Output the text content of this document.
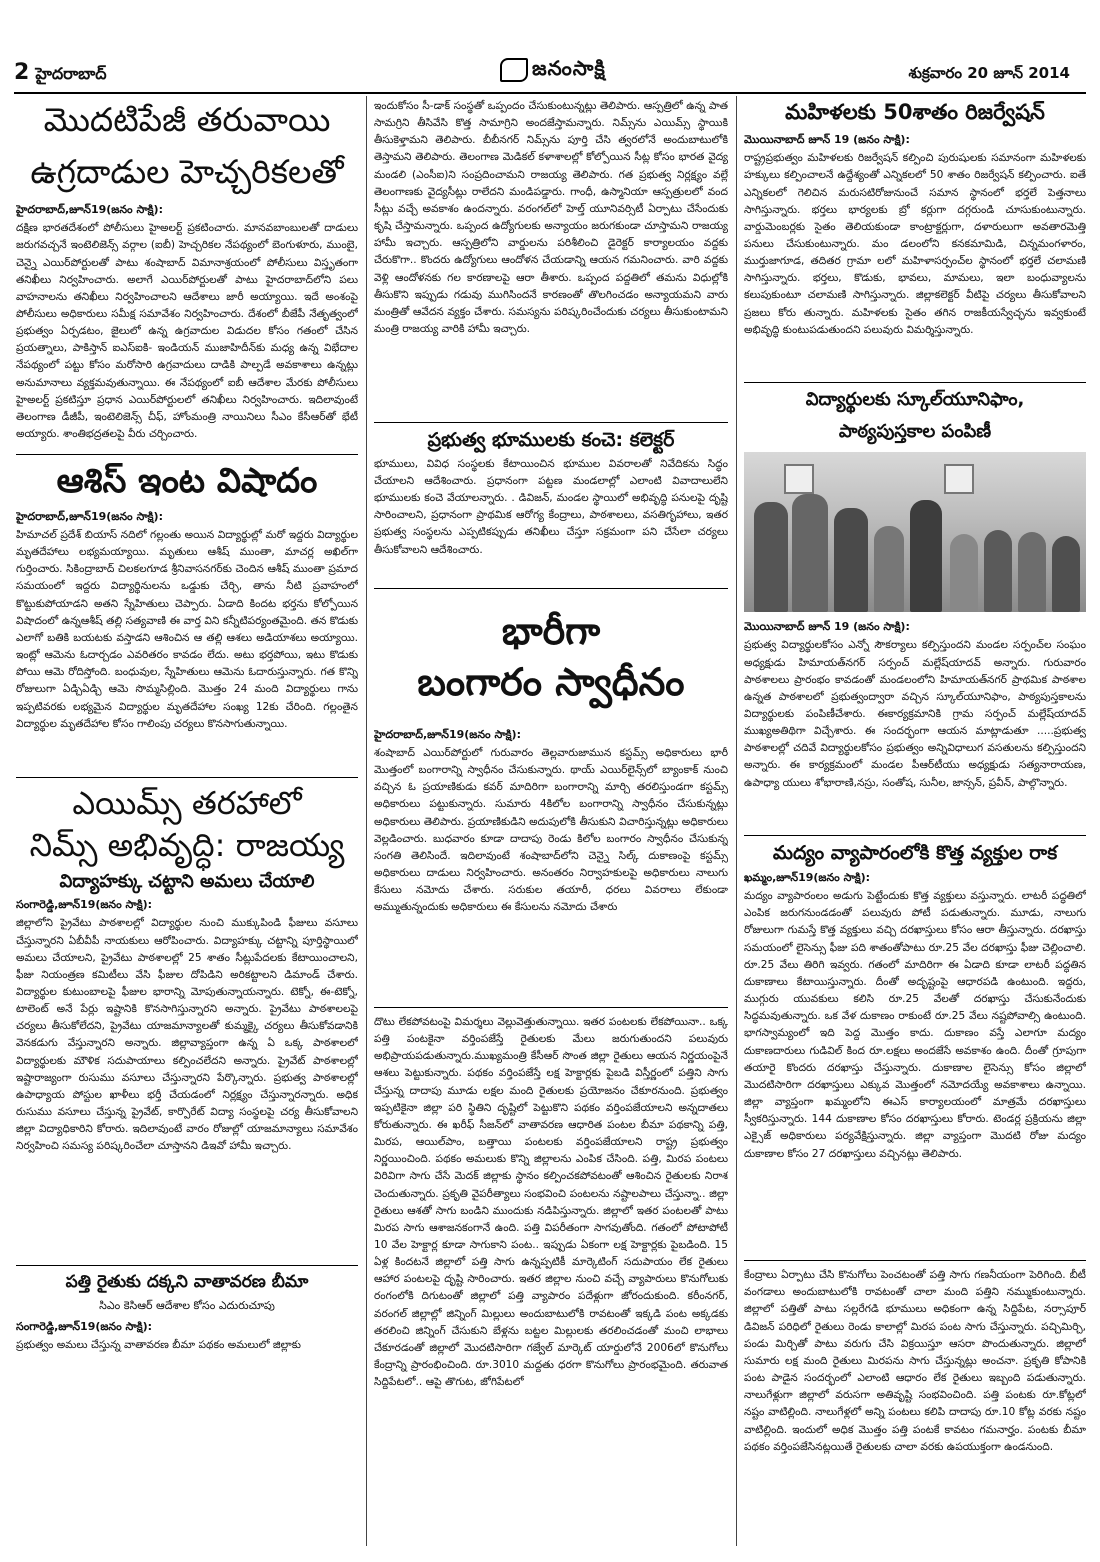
2 హైదరాబాద్	జనంసాక్షి	శుక్రవారం 20 జూన్ 2014
మొదటిపేజీ తరువాయి
ఉగ్రదాడుల హెచ్చరికలతో
హైదరాబాద్,జూన్19(జనం సాక్షి):

దక్షిణ భారతదేశంలో పోలీసులు హైఅలర్ట్ ప్రకటించారు. మానవబాంబులతో దాడులు జరుగవచ్చనే ఇంటెలిజెన్స్ వర్గాల (ఐబీ) హెచ్చరికల నేపథ్యంలో బెంగుళూరు, ముంబై, చెన్నై ఎయిర్‌పోర్టులతో పాటు శంషాబాద్ విమానాశ్రయంలో పోలీసులు విస్తృతంగా తనిఖీలు నిర్వహించారు. అలాగే ఎయిర్‌పోర్టులతో పాటు హైదరాబాద్‌లోని పలు వాహనాలను తనిఖీలు నిర్వహించాలని ఆదేశాలు జారీ అయ్యాయి. ఇదే అంశంపై పోలీసులు అధికారులు సమీక్ష సమావేశం నిర్వహించారు. దేశంలో బీజేపీ నేతృత్వంలో ప్రభుత్వం ఏర్పడటం, జైలులో ఉన్న ఉగ్రవాదుల విడుదల కోసం గతంలో చేసిన ప్రయత్నాలు, పాకిస్తాన్ ఐఎస్ఐకి- ఇండియన్ ముజాహిదీన్‌కు మధ్య ఉన్న విభేదాల నేపథ్యంలో పట్టు కోసం మరోసారి ఉగ్రవాదులు దాడికి పాల్పడే అవకాశాలు ఉన్నట్లు అనుమానాలు వ్యక్తమవుతున్నాయి. ఈ నేపథ్యంలో ఐబీ ఆదేశాల మేరకు పోలీసులు హైఅలర్ట్ ప్రకటిస్తూ ప్రధాన ఎయిర్‌పోర్టులలో తనిఖీలు నిర్వహించారు. ఇదిలావుంటే తెలంగాణ డీజీపీ, ఇంటెలిజెన్స్ చీఫ్, హోంమంత్రి నాయినిలు సీఎం కేసీఆర్‌తో భేటీ అయ్యారు. శాంతిభద్రతలపై వీరు చర్చించారు.

ఆశిస్ ఇంట విషాదం
హైదరాబాద్,జూన్19(జనం సాక్షి):

హిమాచల్ ప్రదేశ్ బియాస్ నదిలో గల్లంతు అయిన విద్యార్థుల్లో మరో ఇద్దరు విద్యార్థుల మృతదేహాలు లభ్యమయ్యాయి. మృతులు ఆశీష్ ముంతా, మాచర్ల అఖిల్‌గా గుర్తించారు. సికింద్రాబాద్ చిలకలగూడ శ్రీనివాసనగర్‌కు చెందిన ఆశీష్ ముంతా ప్రమాద సమయంలో ఇద్దరు విద్యార్థినులను ఒడ్డుకు చేర్చి, తాను నీటి ప్రవాహంలో కొట్టుకుపోయాడని అతని స్నేహితులు చెప్పారు. ఏడాది కిందట భర్తను కోల్పోయిన విషాదంలో ఉన్నఆశీష్ తల్లి సత్యవాణి ఈ వార్త విని కన్నీటిపర్యంతమైంది. తన కొడుకు ఎలాగో బతికి బయటకు వస్తాడని ఆశించిన ఆ తల్లి ఆశలు అడియాశలు అయ్యాయి. ఇంట్లో ఆమెను ఓదార్చడం ఎవరితరం కావడం లేదు. అటు భర్తపోయి, ఇటు కొడుకు పోయి ఆమె రోదిస్తోంది. బంధువుల, స్నేహితులు ఆమెను ఓదారుస్తున్నారు. గత కొన్ని రోజులుగా ఏడ్చిఏడ్చి ఆమె సొమ్మసిల్లింది. మొత్తం 24 మంది విద్యార్థులు గాను ఇప్పటివరకు లభ్యమైన విద్యార్థుల మృతదేహాల సంఖ్య 12కు చేరింది. గల్లంతైన విద్యార్థుల మృతదేహాల కోసం గాలింపు చర్యలు కొనసాగుతున్నాయి.

ఎయిమ్స్ తరహాలో
నిమ్స్ అభివృద్ధి: రాజయ్య
విద్యాహక్కు చట్టాని అమలు చేయాలి
సంగారెడ్డి,జూన్19(జనం సాక్షి):

జిల్లాలోని ప్రైవేటు పాఠశాలల్లో విద్యార్థుల నుంచి ముక్కుపిండి ఫీజులు వసూలు చేస్తున్నారని ఏబీవీపీ నాయకులు ఆరోపించారు. విద్యాహక్కు చట్టాన్ని పూర్తిస్థాయిలో అమలు చేయాలని, ప్రైవేటు పాఠశాలల్లో 25 శాతం సీట్లుపేదలకు కేటాయించాలని, ఫీజు నియంత్రణ కమిటీలు వేసి ఫీజుల దోపిడిని అరికట్టాలని డిమాండ్ చేశారు. విద్యార్థుల కుటుంబాలపై ఫీజుల భారాన్ని మోపుతున్నాయన్నారు. టెక్నో, ఈ-టెక్నో, టాలెంట్ అనే పేర్లు ఇష్టానికి కొనసాగిస్తున్నారని అన్నారు. ప్రైవేటు పాఠశాలలపై చర్యలు తీసుకోలేదని, ప్రైవేటు యాజమాన్యాలతో కుమ్మక్కై చర్యలు తీసుకోవడానికి వెనకడుగు వేస్తున్నారని అన్నారు. జిల్లావ్యాప్తంగా ఉన్న ఏ ఒక్క పాఠశాలలో విద్యార్థులకు మౌళిక సదుపాయాలు కల్పించలేదని అన్నారు. ప్రైవేట్ పాఠశాలల్లో ఇష్టారాజ్యంగా రుసుము వసూలు చేస్తున్నారని పేర్కొన్నారు. ప్రభుత్వ పాఠశాలల్లో ఉపాధ్యాయ పోస్టుల ఖాళీలు భర్తీ చేయడంలో నిర్లక్ష్యం చేస్తున్నారన్నారు. అధిక రుసుము వసూలు చేస్తున్న ప్రైవేట్, కార్పొరేట్ విద్యా సంస్థలపై చర్య తీసుకోవాలని జిల్లా విద్యాధికారిని కోరారు. ఇదిలావుంటే వారం రోజుల్లో యాజమాన్యాలు సమావేశం నిర్వహించి సమస్య పరిష్కరించేలా చూస్తానని డిఇవో హామీ ఇచ్చారు.

పత్తి రైతుకు దక్కని వాతావరణ బీమా
సిఎం కెసిఆర్ ఆదేశాల కోసం ఎదురుచూపు
సంగారెడ్డి,జూన్19(జనం సాక్షి):

ప్రభుత్వం అమలు చేస్తున్న వాతావరణ బీమా పథకం అమలులో జిల్లాకు

ఇందుకోసం సీ-డాక్ సంస్థతో ఒప్పందం చేసుకుంటున్నట్లు తెలిపారు. ఆస్పత్రిలో ఉన్న పాత సామగ్రిని తీసివేసి కొత్త సామాగ్రిని అందజేస్తామన్నారు. నిమ్స్‌ను ఎయిమ్స్ స్థాయికి తీసుకెళ్తామని తెలిపారు. బీబీనగర్ నిమ్స్‌ను పూర్తి చేసి త్వరలోనే అందుబాటులోకి తెస్తామని తెలిపారు. తెలంగాణ మెడికల్ కళాశాలల్లో కోల్పోయిన సీట్ల కోసం భారత వైద్య మండలి (ఎంసీఐ)ని సంప్రదించామని రాజయ్య తెలిపారు. గత ప్రభుత్వ నిర్లక్ష్యం వల్లే తెలంగాణకు వైద్యసీట్లు రాలేదని మండిపడ్డారు. గాంధీ, ఉస్మానియా ఆస్పత్రులలో వంద సీట్లు వచ్చే అవకాశం ఉందన్నారు. వరంగల్‌లో హెల్త్ యూనివర్సిటీ ఏర్పాటు చేసేందుకు కృషి చేస్తామన్నారు. ఒప్పంద ఉద్యోగులకు అన్యాయం జరుగకుండా చూస్తామని రాజయ్య హామీ ఇచ్చారు. ఆస్పత్రిలోని వార్డులను పరిశీలించి డైరెక్టర్ కార్యాలయం వద్దకు చేరుకొగా.. కొందరు ఉద్యోగులు ఆందోళన చేయడాన్ని ఆయన గమనించారు. వారి వద్దకు వెళ్లి ఆందోళనకు గల కారణాలపై ఆరా తీశారు. ఒప్పంద పద్దతిలో తమను విధుల్లోకి తీసుకొని ఇప్పుడు గడువు ముగిసిందనే కారణంతో తొలగించడం అన్యాయమని వారు మంత్రితో ఆవేదన వ్యక్తం చేశారు. సమస్యను పరిష్కరించేందుకు చర్యలు తీసుకుంటామని మంత్రి రాజయ్య వారికి హామీ ఇచ్చారు.

ప్రభుత్వ భూములకు కంచె: కలెక్టర్

భూములు, వివిధ సంస్థలకు కేటాయించిన భూముల వివరాలతో నివేదికను సిద్ధం చేయాలని ఆదేశించారు. ప్రధానంగా పట్టణ మండలాల్లో ఎలాంటి వివాదాలులేని భూములకు కంచె వేయాలన్నారు. . డివిజన్, మండల స్థాయిలో అభివృద్ధి పనులపై దృష్టి సారించాలని, ప్రధానంగా ప్రాథమిక ఆరోగ్య కేంద్రాలు, పాఠశాలలు, వసతిగృహాలు, ఇతర ప్రభుత్వ సంస్థలను ఎప్పటికప్పుడు తనిఖీలు చేస్తూ సక్రమంగా పని చేసేలా చర్యలు తీసుకోవాలని ఆదేశించారు.

భారీగా
బంగారం స్వాధీనం
హైదరాబాద్,జూన్19(జనం సాక్షి):

శంషాబాద్ ఎయిర్‌పోర్టులో గురువారం తెల్లవారుజామున కస్టమ్స్ అధికారులు భారీ మొత్తంలో బంగారాన్ని స్వాధీనం చేసుకున్నారు. థాయ్ ఎయిర్‌లైన్స్‌లో బ్యాంకాక్ నుంచి వచ్చిన ఓ ప్రయాణికుడు కవర్ మాదిరిగా బంగారాన్ని మార్చి తరలిస్తుండగా కస్టమ్స్ అధికారులు పట్టుకున్నారు. సుమారు 4కిలోల బంగారాన్ని స్వాధీనం చేసుకున్నట్లు అధికారులు తెలిపారు. ప్రయాణికుడిని అదుపులోకి తీసుకుని విచారిస్తున్నట్లు అధికారులు వెల్లడించారు. బుధవారం కూడా దాదాపు రెండు కిలోల బంగారం స్వాధీనం చేసుకున్న సంగతి తెలిసిందే. ఇదిలావుంటే శంషాబాద్‌లోని చెన్నై సిల్క్ దుకాణంపై కస్టమ్స్ అధికారులు దాడులు నిర్వహించారు. అనంతరం నిర్వాహకులపై అధికారులు నాలుగు కేసులు నమోదు చేశారు. సరుకుల తయారీ, ధరలు వివరాలు లేకుండా అమ్ముతున్నందుకు అధికారులు ఈ కేసులను నమోదు చేశారు

దొటు లేకపోవటంపై విమర్శలు వెల్లువెత్తుతున్నాయి. ఇతర పంటలకు లేకపోయినా.. ఒక్క పత్తి పంటకైనా వర్తింపజేస్తే రైతులకు మేలు జరుగుతుందని పలువురు అభిప్రాయపడుతున్నారు.ముఖ్యమంత్రి కేసీఆర్ సొంత జిల్లా రైతులు ఆయన నిర్ణయంపైనే ఆశలు పెట్టుకున్నారు. పథకం వర్తింపజేస్తే లక్ష హెక్టార్లకు పైబడి విస్తీర్ణంలో పత్తిని సాగు చేస్తున్న దాదాపు మూడు లక్షల మంది రైతులకు ప్రయోజనం చేకూరనుంది. ప్రభుత్వం ఇప్పటికైనా జిల్లా పరి స్థితిని దృష్టిలో పెట్టుకొని పథకం వర్తింపజేయాలని అన్నదాతలు కోరుతున్నారు. ఈ ఖరీఫ్ సీజన్‌లో వాతావరణ ఆధారిత పంటల బీమా పథకాన్ని పత్తి, మిరప, ఆయిల్‌పాం, బత్తాయి పంటలకు వర్తింపజేయాలని రాష్ట్ర ప్రభుత్వం నిర్ణయించింది. పథకం అమలుకు కొన్ని జిల్లాలను ఎంపిక చేసింది. పత్తి, మిరప పంటలు విరివిగా సాగు చేసే మెదక్ జిల్లాకు స్థానం కల్పించకపోవటంతో ఆశించిన రైతులకు నిరాశ చెందుతున్నారు. ప్రకృతి వైపరీత్యాలు సంభవించి పంటలను నష్టాలపాలు చేస్తున్నా.. జిల్లా రైతులు ఆశతో సాగు బండిని ముందుకు నడిపిస్తున్నారు. జిల్లాలో ఇతర పంటలతో పాటు మిరప సాగు ఆశాజనకంగానే ఉంది. పత్తి విపరీతంగా సాగవుతోంది. గతంలో పోటాపోటీ 10 వేల హెక్టార్ల కూడా సాగుకాని పంట.. ఇప్పుడు ఏకంగా లక్ష హెక్టార్లకు పైబడింది. 15 ఏళ్ల కిందటనే జిల్లాలో పత్తి సాగు ఉన్నప్పటికీ మార్కెటింగ్ సదుపాయం లేక రైతులు ఆహార పంటలపై దృష్టి సారించారు. ఇతర జిల్లాల నుంచి వచ్చే వ్యాపారులు కొనుగోలుకు రంగంలోకి దిగుటంతో జిల్లాలో పత్తి వ్యాపారం పదేళ్లుగా జోరందుకుంది. కరీంనగర్, వరంగల్ జిల్లాల్లో జిన్నింగ్ మిల్లులు అందుబాటులోకి రావటంతో ఇక్కడి పంట అక్కడకు తరలించి జిన్నింగ్ చేసుకుని బేళ్లను బట్టల మిల్లులకు తరలించడంతో మంచి లాభాలు చేకూరడంతో జిల్లాలో మొదటిసారిగా గజ్వేల్ మార్కెట్ యార్డులోనే 2006లో కొనుగోలు కేంద్రాన్ని ప్రారంభించింది. రూ.3010 మద్దతు ధరగా కొనుగోలు ప్రారంభమైంది. తరువాత సిద్దిపేటలో.. ఆపై తొగుట, జోగిపేటలో

మహిళలకు 50శాతం రిజర్వేషన్
మొయినాబాద్ జూన్ 19 (జనం సాక్షి):

రాష్ట్రప్రభుత్వం మహిళలకు రిజర్వేషన్ కల్పించి పురుషులకు సమానంగా మహిళలకు హక్కులు కల్పించాలనే ఉద్దేశ్యంతో ఎన్నికలలో 50 శాతం రిజర్వేషన్ కల్పించారు. ఐతే ఎన్నికలలో గెలిచిన మరుసటిరోజునుంచే సమాన స్థానంలో భర్తలే పెత్తనాలు సాగిస్తున్నారు. భర్తలు భార్యలకు బ్రో కర్లుగా దగ్గరుండి చూసుకుంటున్నారు. వార్డుమెంబర్లకు సైతం తెలియకుండా కాంట్రాక్టర్లుగా, దళారులుగా అవతారమెత్తి పనులు చేసుకుంటున్నారు. మం డలంలోని కనకమామిడి, చిన్నమంగళారం, ముర్తుజాగూడ, తదితర గ్రామా లలో మహిళాసర్పంచ్‌ల స్థానంలో భర్తలే చలామణి సాగిస్తున్నారు. భర్తలు, కొడుకు, భావలు, మామలు, ఇలా బంధువ్యాలను కలుపుకుంటూ చలామణి సాగిస్తున్నారు. జిల్లాకలెక్టర్ వీటిపై చర్యలు తీసుకోవాలని ప్రజలు కోరు తున్నారు. మహిళలకు సైతం తగిన రాజకీయస్వేచ్ఛను ఇవ్వకుంటే అభివృద్ధి కుంటుపడుతుందని పలువురు విమర్శిస్తున్నారు.

విద్యార్థులకు స్కూల్‌యూనిఫాం,
పాఠ్యపుస్తకాల పంపిణీ
మొయినాబాద్ జూన్ 19 (జనం సాక్షి):

ప్రభుత్వ విద్యార్థులకోసం ఎన్నో సౌకర్యాలు కల్పిస్తుందని మండల సర్పంచ్‌ల సంఘం అధ్యక్షుడు హిమాయత్‌నగర్ సర్పంచ్ మల్లేష్‌యాదవ్ అన్నారు. గురువారం పాఠశాలలు ప్రారంభం కావడంతో మండలంలోని హిమాయత్‌నగర్ ప్రాథమిక పాఠశాల ఉన్నత పాఠశాలలో ప్రభుత్వంద్వారా వచ్చిన స్కూల్‌యూనిఫాం, పాఠ్యపుస్తకాలను విద్యార్థులకు పంపిణీచేశారు. ఈకార్యక్రమానికి గ్రామ సర్పంచ్ మల్లేష్‌యాదవ్ ముఖ్యఅతిథిగా విచ్చేశారు. ఈ సందర్భంగా ఆయన మాట్లాడుతూ .....ప్రభుత్వ పాఠశాలల్లో చదివే విద్యార్థులకోసం ప్రభుత్వం అన్నివిధాలుగ వసతులను కల్పిస్తుందని అన్నారు. ఈ కార్యక్రమంలో మండల పీఆర్‌టీయు అధ్యక్షుడు సత్యనారాయణ, ఉపాధ్యా యులు శోభారాణి,నస్రు, సంతోష, సునీల, జాన్సన్, ప్రవీన్, పాల్గొన్నారు.

మద్యం వ్యాపారంలోకి కొత్త వ్యక్తుల రాక
ఖమ్మం,జూన్19(జనం సాక్షి):

మద్యం వ్యాపారంలం అడుగు పెట్టేందుకు కొత్త వ్యక్తులు వస్తున్నారు. లాటరీ పద్ధతిలో ఎంపిక జరుగనుండడంతో పలువురు పోటీ పడుతున్నారు. మూడు, నాలుగు రోజులుగా గుమస్తే కొత్త వ్యక్తులు వచ్చి దరఖాస్తులు కోసం ఆరా తీస్తున్నారు. దరఖాస్తు సమయంలో లైసెన్సు ఫీజు పది శాతంతోపాటు రూ.25 వేల దరఖాస్తు ఫీజు చెల్లించాలి. రూ.25 వేలు తిరిగి ఇవ్వరు. గతంలో మాదిరిగా ఈ ఏడాది కూడా లాటరీ పద్ధతిన దుకాణాలు కేటాయిస్తున్నారు. దీంతో అదృష్టంపై ఆధారపడి ఉంటుంది. ఇద్దరు, ముగ్గురు యువకులు కలిసి రూ.25 వేలతో దరఖాస్తు చేసుకునేందుకు సిద్ధమవుతున్నారు. ఒక వేళ దుకాణం రాకుంటే రూ.25 వేలు నష్టపోవాల్సి ఉంటుంది. భాగస్వామ్యంలో ఇది పెద్ద మొత్తం కాదు. దుకాణం వస్తే ఎలాగూ మద్యం దుకాణదారులు గుడివిల్ కింద రూ.లక్షలు అందజేసే అవకాశం ఉంది. దీంతో గ్రూపుగా తయారై కొందరు దరఖాస్తు చేస్తున్నారు. దుకాణాల లైసెన్సు కోసం జిల్లాలో మొదటిసారిగా దరఖాస్తులు ఎక్కువ మొత్తంలో నమోదయ్యే అవకాశాలు ఉన్నాయి. జిల్లా వ్యాప్తంగా ఖమ్మంలోని ఈఎస్ కార్యాలయంలో మాత్రమే దరఖాస్తులు స్వీకరిస్తున్నారు. 144 దుకాణాల కోసం దరఖాస్తులు కోరారు. టెండర్ల ప్రక్రియను జిల్లా ఎక్సైజ్ అధికారులు పర్యవేక్షిస్తున్నారు. జిల్లా వ్యాప్తంగా మొదటి రోజు మద్యం దుకాణాల కోసం 27 దరఖాస్తులు వచ్చినట్లు తెలిపారు.

కేంద్రాలు ఏర్పాటు చేసి కొనుగోలు పెంచటంతో పత్తి సాగు గణనీయంగా పెరిగింది. బీటీ వంగడాలు అందుబాటులోకి రావటంతో చాలా మంది పత్తిని నమ్ముకుంటున్నారు. జిల్లాలో పత్తితో పాటు సల్లరేగడి భూములు అధికంగా ఉన్న సిద్దిపేట, నర్సాపూర్ డివిజన్ పరిధిలో రైతులు రెండు కాలాల్లో మిరప పంట సాగు చేస్తున్నారు. పచ్చిమిర్చి, పండు మిర్చితో పాటు వరుగు చేసి విక్రయిస్తూ ఆసరా పొందుతున్నారు. జిల్లాలో సుమారు లక్ష మంది రైతులు మిరపను సాగు చేస్తున్నట్లు అంచనా. ప్రకృతి కోపానికి పంట పాడైన సందర్భంలో ఎలాంటి ఆధారం లేక రైతులు ఇబ్బంది పడుతున్నారు. నాలుగేళ్లుగా జిల్లాలో వరుసగా అతివృష్టి సంభవించింది. పత్తి పంటకు రూ.కోట్లలో నష్టం వాటిల్లింది. నాలుగేళ్లలో అన్ని పంటలు కలిపి దాదాపు రూ.10 కోట్ల వరకు నష్టం వాటిల్లింది. ఇందులో అధిక మొత్తం పత్తి పంటకే కావటం గమనార్హం. పంటకు బీమా పథకం వర్తింపజేసినట్లయితే రైతులకు చాలా వరకు ఉపయుక్తంగా ఉండనుంది.
